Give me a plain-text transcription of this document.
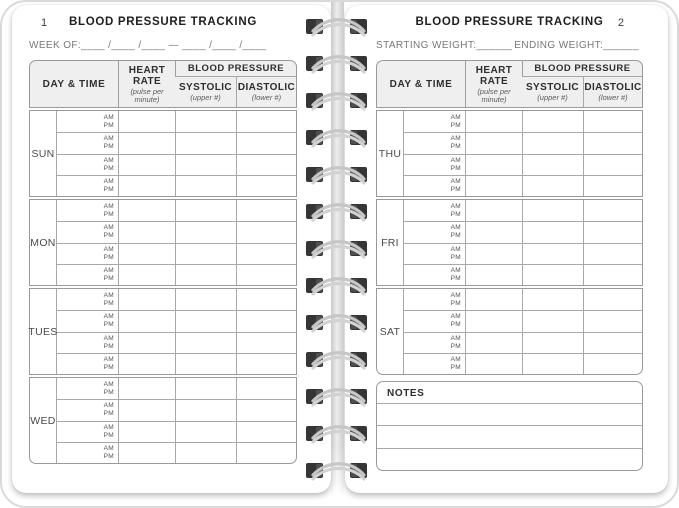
1	BLOOD PRESSURE TRACKING
WEEK OF:____ /____ /____ — ____ /____ /____
DAY & TIME
HEART RATE
(pulse per minute)
BLOOD PRESSURE
SYSTOLIC
(upper #)
DIASTOLIC
(lower #)
SUN
AM
PM
AM
PM
AM
PM
AM
PM
MON
AM
PM
AM
PM
AM
PM
AM
PM
TUES
AM
PM
AM
PM
AM
PM
AM
PM
WED
AM
PM
AM
PM
AM
PM
AM
PM
BLOOD PRESSURE TRACKING	2
STARTING WEIGHT:______ ENDING WEIGHT:______
DAY & TIME
HEART RATE
(pulse per minute)
BLOOD PRESSURE
SYSTOLIC
(upper #)
DIASTOLIC
(lower #)
THU
AM
PM
AM
PM
AM
PM
AM
PM
FRI
AM
PM
AM
PM
AM
PM
AM
PM
SAT
AM
PM
AM
PM
AM
PM
AM
PM
NOTES
